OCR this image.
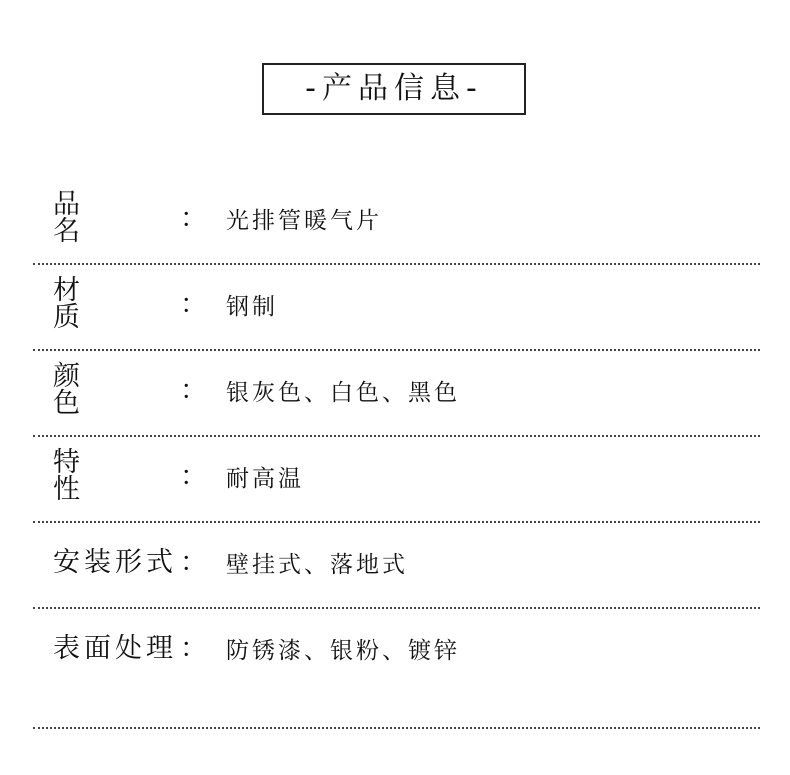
-产品信息-
品名	： 光排管暖气片
材质	： 钢制
颜色	： 银灰色、白色、黑色
特性	： 耐高温
安装形式 ： 壁挂式、落地式
表面处理 ： 防锈漆、银粉、镀锌
